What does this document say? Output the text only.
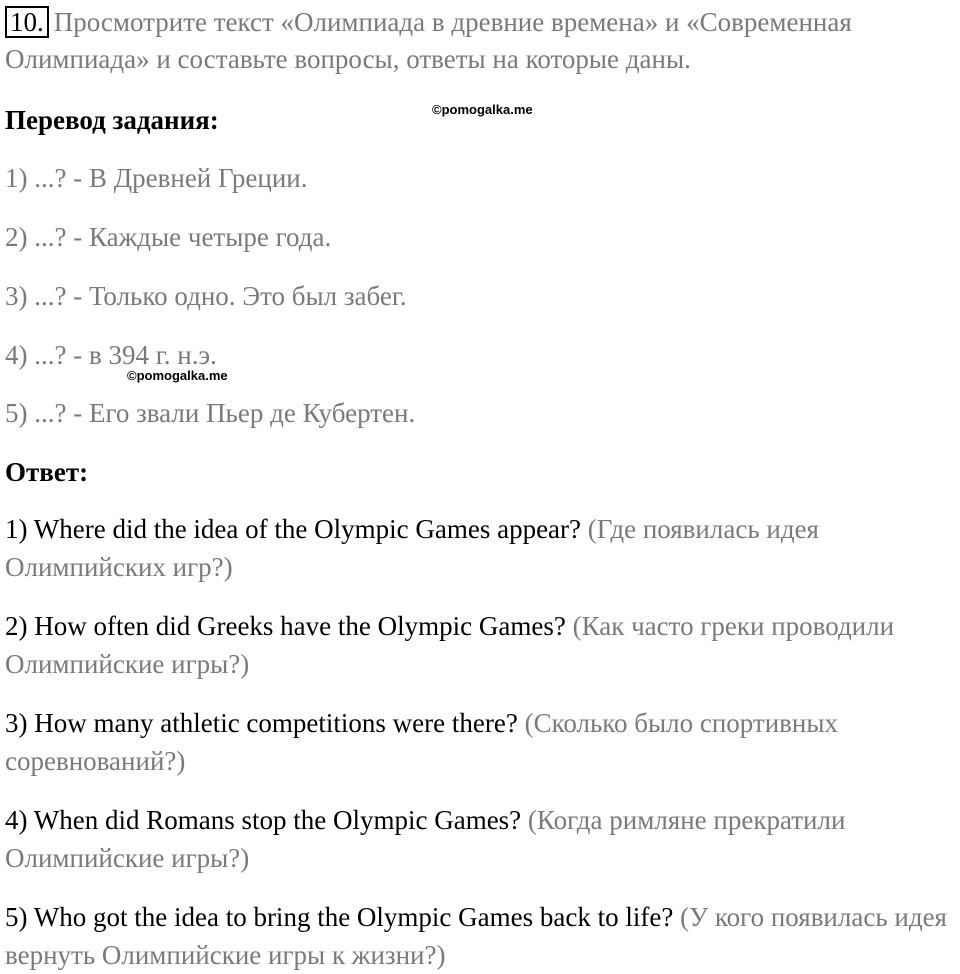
10. Просмотрите текст «Олимпиада в древние времена» и «Современная Олимпиада» и составьте вопросы, ответы на которые даны.

Перевод задания:	©pomogalka.me
1) ...? - В Древней Греции.
2) ...? - Каждые четыре года.
3) ...? - Только одно. Это был забег.
4) ...? - в 394 г. н.э.
©pomogalka.me
5) ...? - Его звали Пьер де Кубертен.
Ответ:

1) Where did the idea of the Olympic Games appear? (Где появилась идея Олимпийских игр?)

2) How often did Greeks have the Olympic Games? (Как часто греки проводили Олимпийские игры?)

3) How many athletic competitions were there? (Сколько было спортивных соревнований?)

4) When did Romans stop the Olympic Games? (Когда римляне прекратили Олимпийские игры?)

5) Who got the idea to bring the Olympic Games back to life? (У кого появилась идея вернуть Олимпийские игры к жизни?)
